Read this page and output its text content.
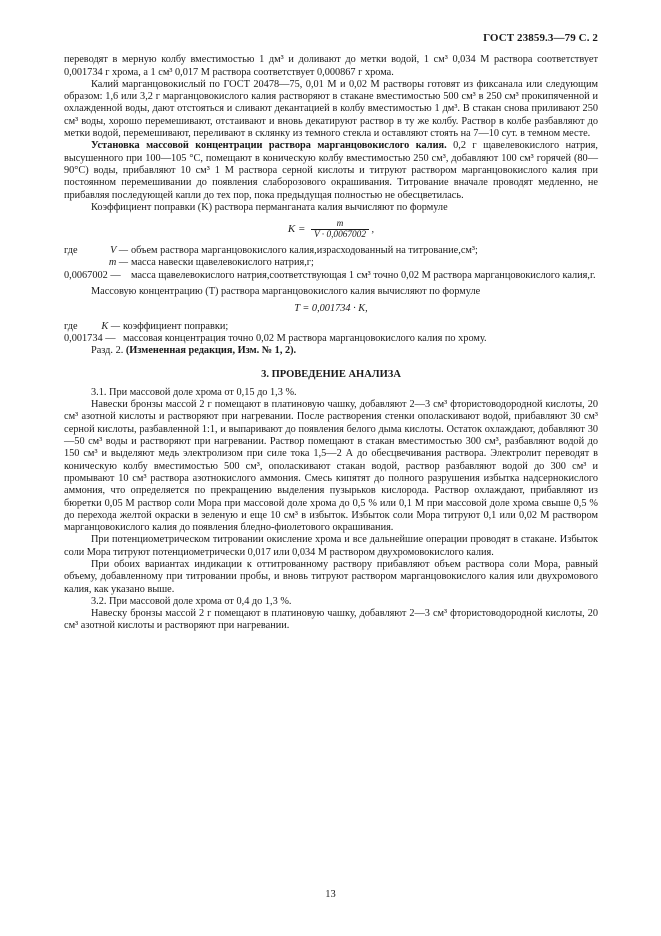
ГОСТ 23859.3—79 С. 2

переводят в мерную колбу вместимостью 1 дм³ и доливают до метки водой, 1 см³ 0,034 М раствора соответствует 0,001734 г хрома, а 1 см³ 0,017 М раствора соответствует 0,000867 г хрома.

Калий марганцовокислый по ГОСТ 20478—75, 0,01 М и 0,02 М растворы готовят из фиксанала или следующим образом: 1,6 или 3,2 г марганцовокислого калия растворяют в стакане вместимостью 500 см³ в 250 см³ прокипяченной и охлажденной воды, дают отстояться и сливают декантацией в колбу вместимостью 1 дм³. В стакан снова приливают 250 см³ воды, хорошо перемешивают, отстаивают и вновь декатируют раствор в ту же колбу. Раствор в колбе разбавляют до метки водой, перемешивают, переливают в склянку из темного стекла и оставляют стоять на 7—10 сут. в темном месте.

Установка массовой концентрации раствора марганцовокислого калия. 0,2 г щавелевокислого натрия, высушенного при 100—105 °С, помещают в коническую колбу вместимостью 250 см³, добавляют 100 см³ горячей (80—90°С) воды, прибавляют 10 см³ 1 М раствора серной кислоты и титруют раствором марганцовокислого калия при постоянном перемешивании до появления слаборозового окрашивания. Титрование вначале проводят медленно, не прибавляя последующей капли до тех пор, пока предыдущая полностью не обесцветилась.

Коэффициент поправки (K) раствора перманганата калия вычисляют по формуле

$K = \frac{m}{V \cdot 0,0067002}$ ,
где	V — объем раствора марганцовокислого калия,израсходованный на титрование,см³;
m — масса навески щавелевокислого натрия,г;
0,0067002 —	масса щавелевокислого натрия,соответствующая 1 см³ точно 0,02 М раствора марганцовокислого калия,г.

Массовую концентрацию (T) раствора марганцовокислого калия вычисляют по формуле

T = 0,001734 · K,
где	K — коэффициент поправки;
0,001734 — массовая концентрация точно 0,02 М раствора марганцовокислого калия по хрому.

Разд. 2. (Измененная редакция, Изм. № 1, 2).

3. ПРОВЕДЕНИЕ АНАЛИЗА

3.1. При массовой доле хрома от 0,15 до 1,3 %.

Навески бронзы массой 2 г помещают в платиновую чашку, добавляют 2—3 см³ фтористоводородной кислоты, 20 см³ азотной кислоты и растворяют при нагревании. После растворения стенки ополаскивают водой, прибавляют 30 см³ серной кислоты, разбавленной 1:1, и выпаривают до появления белого дыма кислоты. Остаток охлаждают, добавляют 30—50 см³ воды и растворяют при нагревании. Раствор помещают в стакан вместимостью 300 см³, разбавляют водой до 150 см³ и выделяют медь электролизом при силе тока 1,5—2 А до обесцвечивания раствора. Электролит переводят в коническую колбу вместимостью 500 см³, ополаскивают стакан водой, раствор разбавляют водой до 300 см³ и промывают 10 см³ раствора азотнокислого аммония. Смесь кипятят до полного разрушения избытка надсернокислого аммония, что определяется по прекращению выделения пузырьков кислорода. Раствор охлаждают, прибавляют из бюретки 0,05 М раствор соли Мора при массовой доле хрома до 0,5 % или 0,1 М при массовой доле хрома свыше 0,5 % до перехода желтой окраски в зеленую и еще 10 см³ в избыток. Избыток соли Мора титруют 0,1 или 0,02 М раствором марганцовокислого калия до появления бледно-фиолетового окрашивания.

При потенциометрическом титровании окисление хрома и все дальнейшие операции проводят в стакане. Избыток соли Мора титруют потенциометрически 0,017 или 0,034 М раствором двухромовокислого калия.

При обоих вариантах индикации к оттитрованному раствору прибавляют объем раствора соли Мора, равный объему, добавленному при титровании пробы, и вновь титруют раствором марганцовокислого калия или двухромового калия, как указано выше.

3.2. При массовой доле хрома от 0,4 до 1,3 %.

Навеску бронзы массой 2 г помещают в платиновую чашку, добавляют 2—3 см³ фтористоводородной кислоты, 20 см³ азотной кислоты и растворяют при нагревании.

13
